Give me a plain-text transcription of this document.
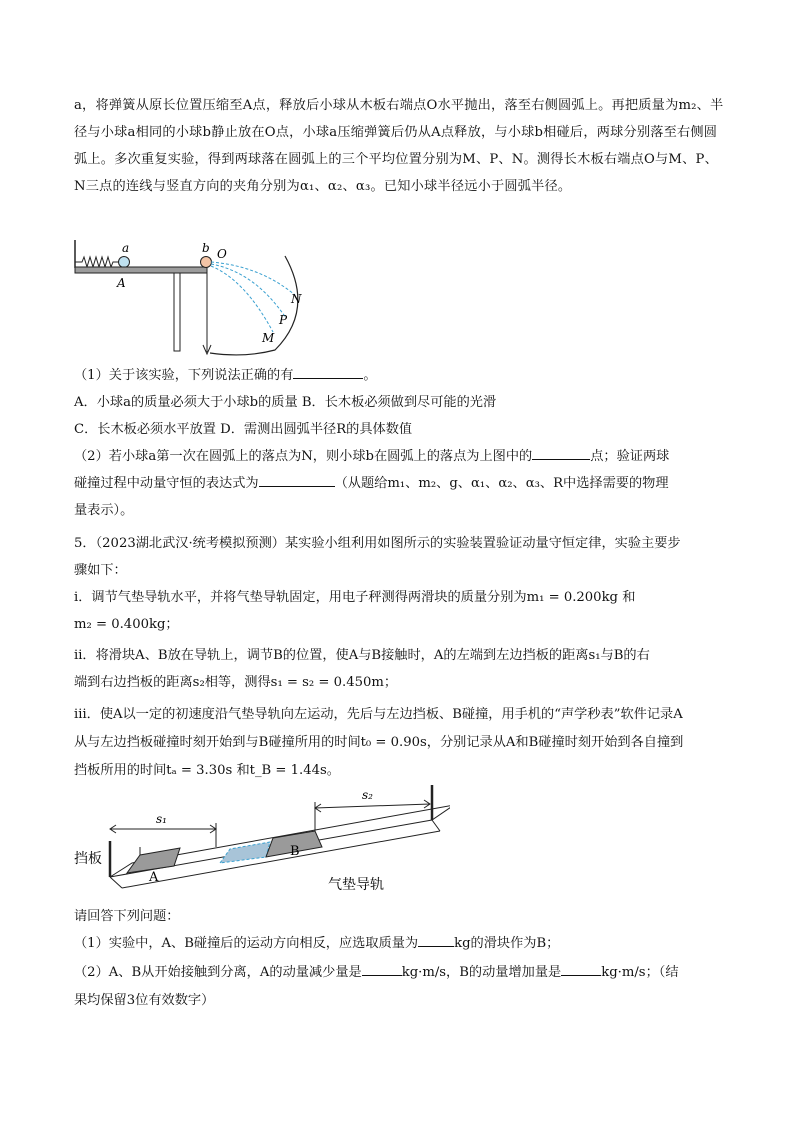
a，将弹簧从原长位置压缩至A点，释放后小球从木板右端点O水平抛出，落至右侧圆弧上。再把质量为m₂、半径与小球a相同的小球b静止放在O点，小球a压缩弹簧后仍从A点释放，与小球b相碰后，两球分别落至右侧圆弧上。多次重复实验，得到两球落在圆弧上的三个平均位置分别为M、P、N。测得长木板右端点O与M、P、N三点的连线与竖直方向的夹角分别为α₁、α₂、α₃。已知小球半径远小于圆弧半径。

a	b O
A
N
P
M
（1）关于该实验，下列说法正确的有	。
A．小球a的质量必须大于小球b的质量 B．长木板必须做到尽可能的光滑
C．长木板必须水平放置 D．需测出圆弧半径R的具体数值
（2）若小球a第一次在圆弧上的落点为N，则小球b在圆弧上的落点为上图中的	点；验证两球
碰撞过程中动量守恒的表达式为	（从题给m₁、m₂、g、α₁、α₂、α₃、R中选择需要的物理
量表示）。
5．（2023湖北武汉·统考模拟预测）某实验小组利用如图所示的实验装置验证动量守恒定律，实验主要步
骤如下：
ⅰ．调节气垫导轨水平，并将气垫导轨固定，用电子秤测得两滑块的质量分别为m₁ = 0.200kg 和
m₂ = 0.400kg；
ⅱ．将滑块A、B放在导轨上，调节B的位置，使A与B接触时，A的左端到左边挡板的距离s₁与B的右
端到右边挡板的距离s₂相等，测得s₁ = s₂ = 0.450m；
ⅲ．使A以一定的初速度沿气垫导轨向左运动，先后与左边挡板、B碰撞，用手机的“声学秒表”软件记录A
从与左边挡板碰撞时刻开始到与B碰撞所用的时间t₀ = 0.90s，分别记录从A和B碰撞时刻开始到各自撞到
挡板所用的时间tₐ = 3.30s 和t_B = 1.44s。
s₁
s₂
挡板
A
B
气垫导轨
请回答下列问题：
（1）实验中，A、B碰撞后的运动方向相反，应选取质量为	kg的滑块作为B；
（2）A、B从开始接触到分离，A的动量减少量是	kg·m/s，B的动量增加量是	kg·m/s；（结
果均保留3位有效数字）
